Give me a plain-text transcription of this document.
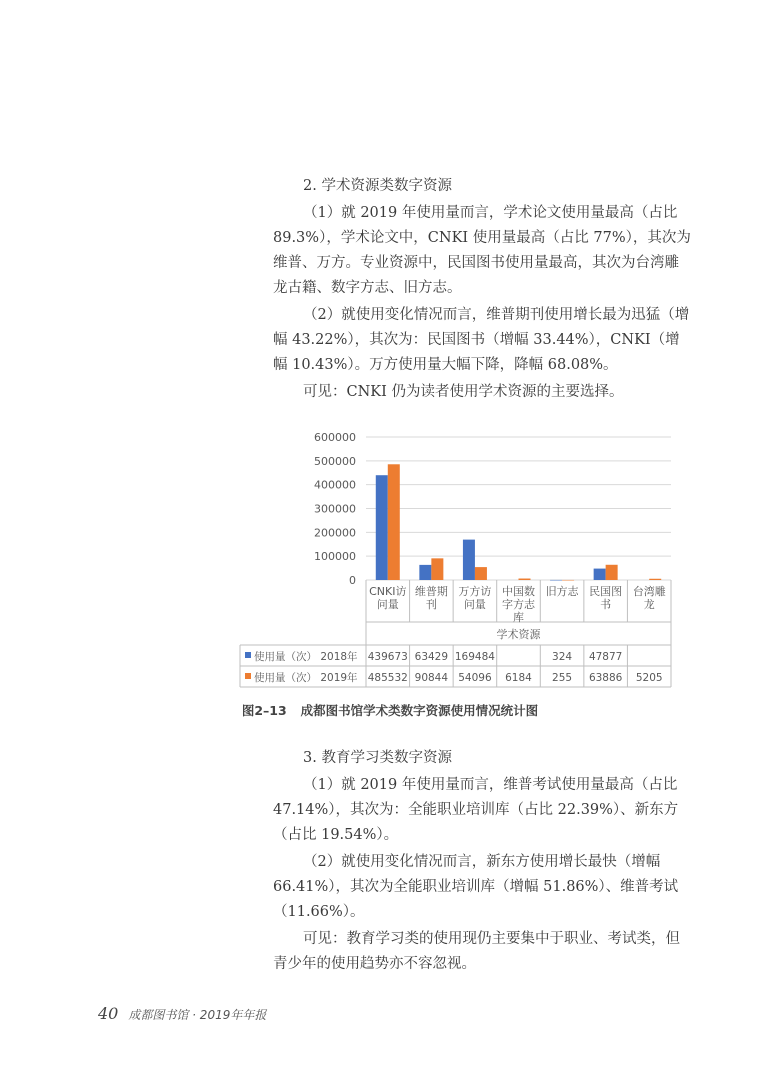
2. 学术资源类数字资源

（1）就 2019 年使用量而言，学术论文使用量最高（占比 89.3%），学术论文中，CNKI 使用量最高（占比 77%），其次为维普、万方。专业资源中，民国图书使用量最高，其次为台湾雕龙古籍、数字方志、旧方志。

（2）就使用变化情况而言，维普期刊使用增长最为迅猛（增幅 43.22%），其次为：民国图书（增幅 33.44%），CNKI（增幅 10.43%）。万方使用量大幅下降，降幅 68.08%。

可见：CNKI 仍为读者使用学术资源的主要选择。

0
100000
200000
300000
400000
500000
600000
CNKI访
问量
维普期
刊
万方访
问量
中国数
字方志
库
旧方志 民国图
书
台湾雕
龙
学术资源
使用量（次） 2018年 439673 63429 169484	324 47877
使用量（次） 2019年 485532 90844 54096 6184 255 63886 5205
图2–13 成都图书馆学术类数字资源使用情况统计图

3. 教育学习类数字资源

（1）就 2019 年使用量而言，维普考试使用量最高（占比 47.14%），其次为：全能职业培训库（占比 22.39%）、新东方（占比 19.54%）。

（2）就使用变化情况而言，新东方使用增长最快（增幅 66.41%），其次为全能职业培训库（增幅 51.86%）、维普考试（11.66%）。

可见：教育学习类的使用现仍主要集中于职业、考试类，但青少年的使用趋势亦不容忽视。

40 成都图书馆 · 2019年年报
